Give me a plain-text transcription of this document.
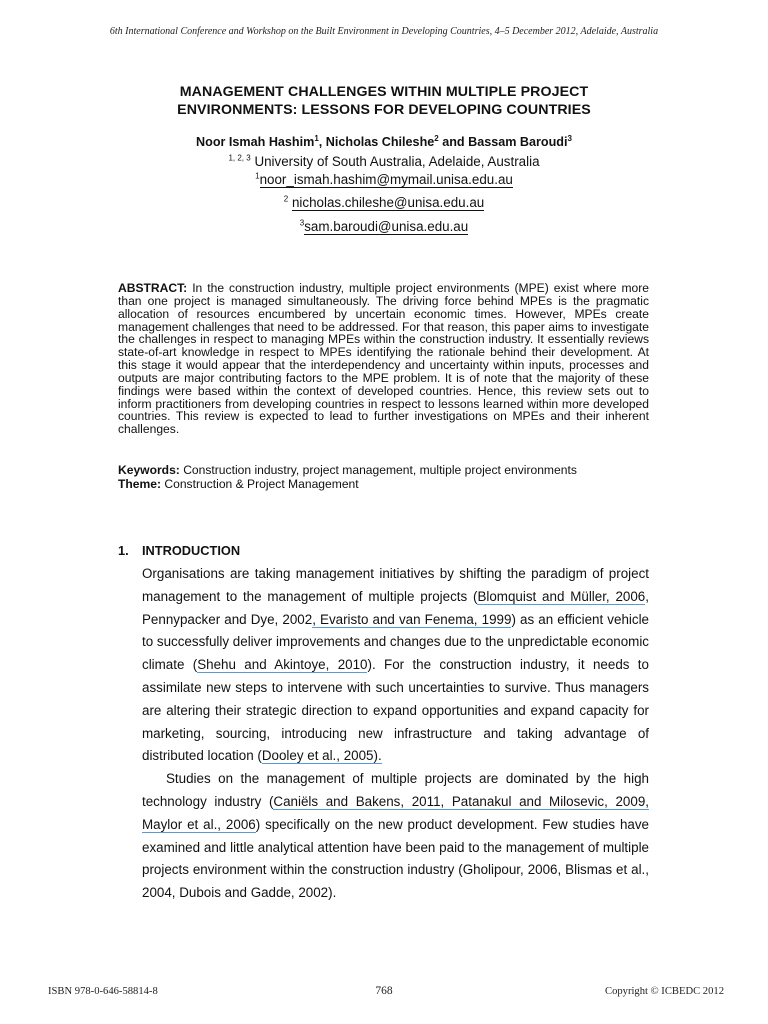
6th International Conference and Workshop on the Built Environment in Developing Countries, 4–5 December 2012, Adelaide, Australia
MANAGEMENT CHALLENGES WITHIN MULTIPLE PROJECT
ENVIRONMENTS: LESSONS FOR DEVELOPING COUNTRIES
Noor Ismah Hashim$^1$, Nicholas Chileshe$^2$ and Bassam Baroudi$^3$
$^{1, 2, 3}$ University of South Australia, Adelaide, Australia
$^1$noor_ismah.hashim@mymail.unisa.edu.au
$^2$ nicholas.chileshe@unisa.edu.au
$^3$sam.baroudi@unisa.edu.au
ABSTRACT: In the construction industry, multiple project environments (MPE) exist where more than one project is managed simultaneously. The driving force behind MPEs is the pragmatic allocation of resources encumbered by uncertain economic times. However, MPEs create management challenges that need to be addressed. For that reason, this paper aims to investigate the challenges in respect to managing MPEs within the construction industry. It essentially reviews state-of-art knowledge in respect to MPEs identifying the rationale behind their development. At this stage it would appear that the interdependency and uncertainty within inputs, processes and outputs are major contributing factors to the MPE problem. It is of note that the majority of these findings were based within the context of developed countries. Hence, this review sets out to inform practitioners from developing countries in respect to lessons learned within more developed countries. This review is expected to lead to further investigations on MPEs and their inherent challenges.
Keywords: Construction industry, project management, multiple project environments
Theme: Construction & Project Management
1. INTRODUCTION

Organisations are taking management initiatives by shifting the paradigm of project management to the management of multiple projects (Blomquist and Müller, 2006, Pennypacker and Dye, 2002, Evaristo and van Fenema, 1999) as an efficient vehicle to successfully deliver improvements and changes due to the unpredictable economic climate (Shehu and Akintoye, 2010). For the construction industry, it needs to assimilate new steps to intervene with such uncertainties to survive. Thus managers are altering their strategic direction to expand opportunities and expand capacity for marketing, sourcing, introducing new infrastructure and taking advantage of distributed location (Dooley et al., 2005).

Studies on the management of multiple projects are dominated by the high technology industry (Caniëls and Bakens, 2011, Patanakul and Milosevic, 2009, Maylor et al., 2006) specifically on the new product development. Few studies have examined and little analytical attention have been paid to the management of multiple projects environment within the construction industry (Gholipour, 2006, Blismas et al., 2004, Dubois and Gadde, 2002).

ISBN 978-0-646-58814-8	768	Copyright © ICBEDC 2012
